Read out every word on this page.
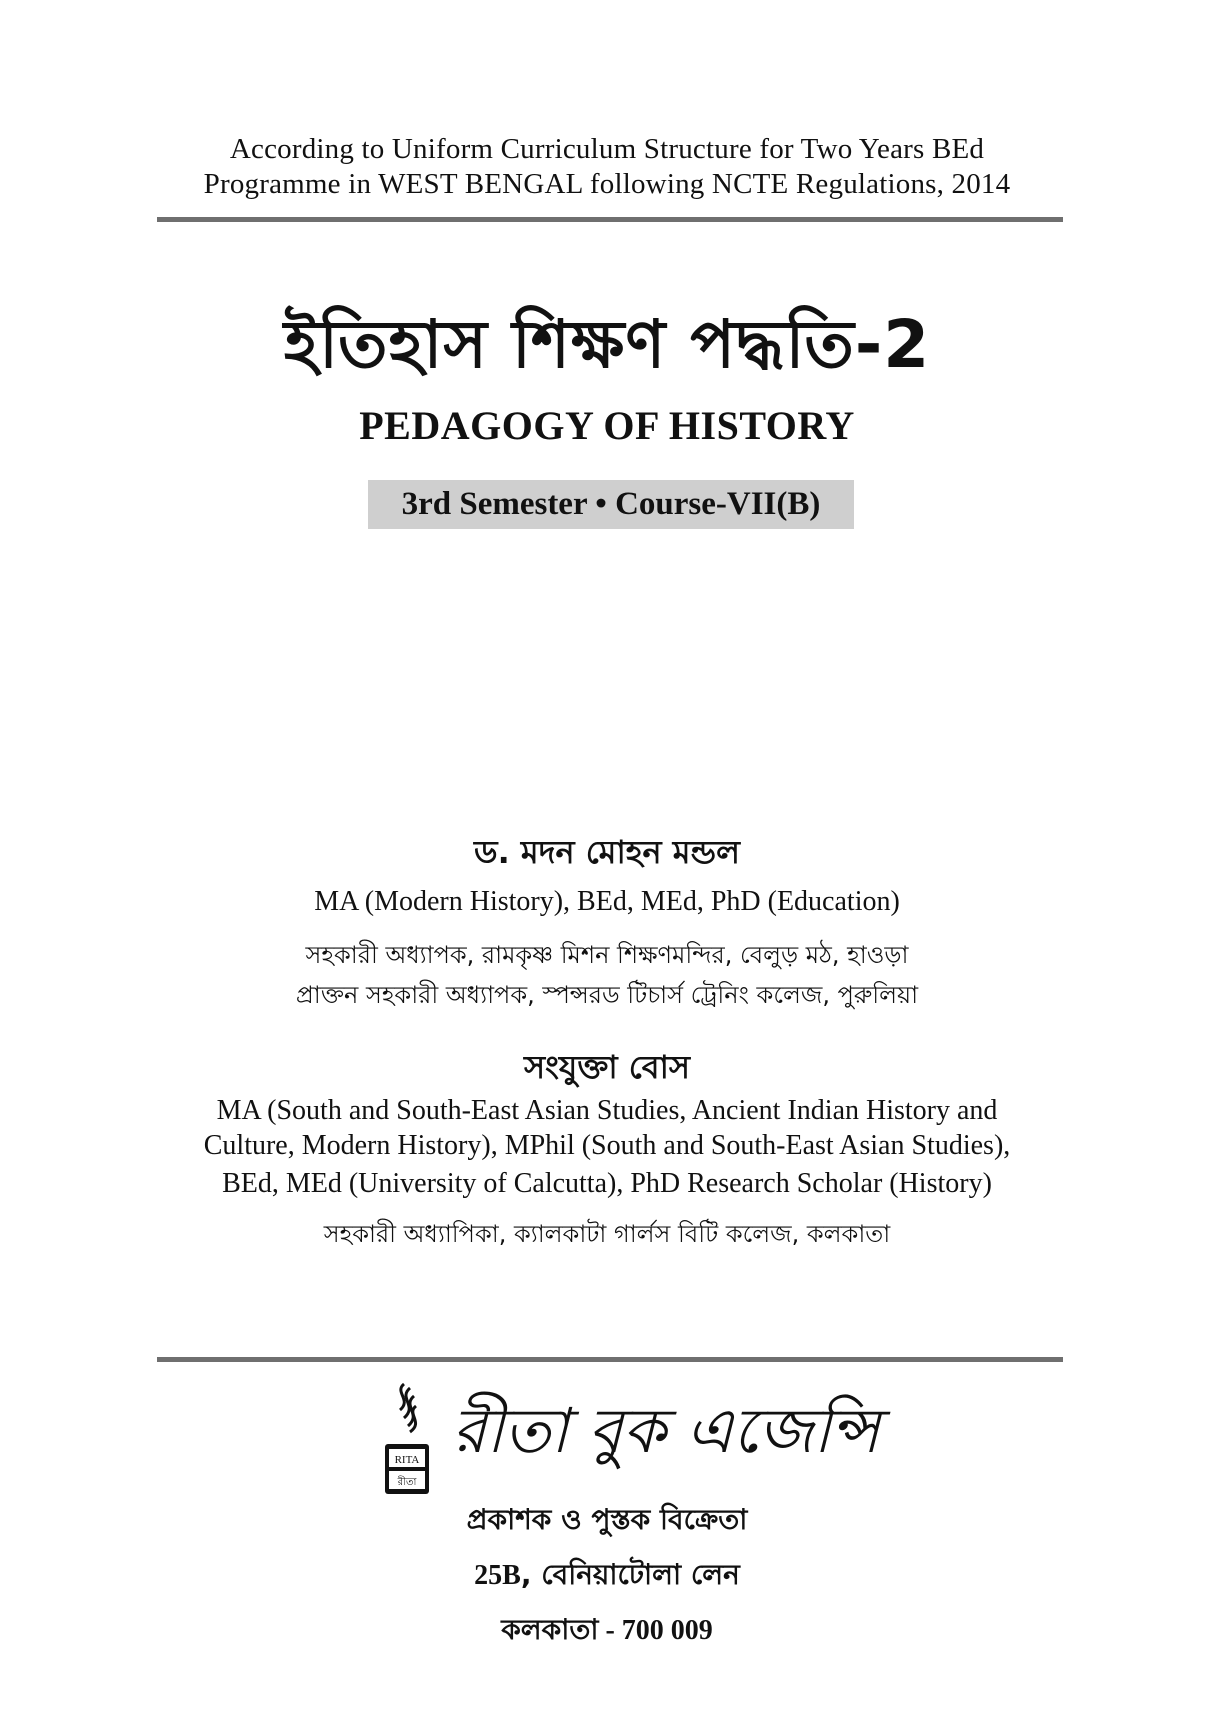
According to Uniform Curriculum Structure for Two Years BEd
Programme in WEST BENGAL following NCTE Regulations, 2014
ইতিহাস শিক্ষণ পদ্ধতি-2
PEDAGOGY OF HISTORY
3rd Semester • Course-VII(B)
ড. মদন মোহন মন্ডল
MA (Modern History), BEd, MEd, PhD (Education)
সহকারী অধ্যাপক, রামকৃষ্ণ মিশন শিক্ষণমন্দির, বেলুড় মঠ, হাওড়া
প্রাক্তন সহকারী অধ্যাপক, স্পন্সরড টিচার্স ট্রেনিং কলেজ, পুরুলিয়া
সংযুক্তা বোস
MA (South and South-East Asian Studies, Ancient Indian History and
Culture, Modern History), MPhil (South and South-East Asian Studies),
BEd, MEd (University of Calcutta), PhD Research Scholar (History)
সহকারী অধ্যাপিকা, ক্যালকাটা গার্লস বিটি কলেজ, কলকাতা
RITA
রীতা
রীতা বুক এজেন্সি
প্রকাশক ও পুস্তক বিক্রেতা
25B, বেনিয়াটোলা লেন
কলকাতা - 700 009
